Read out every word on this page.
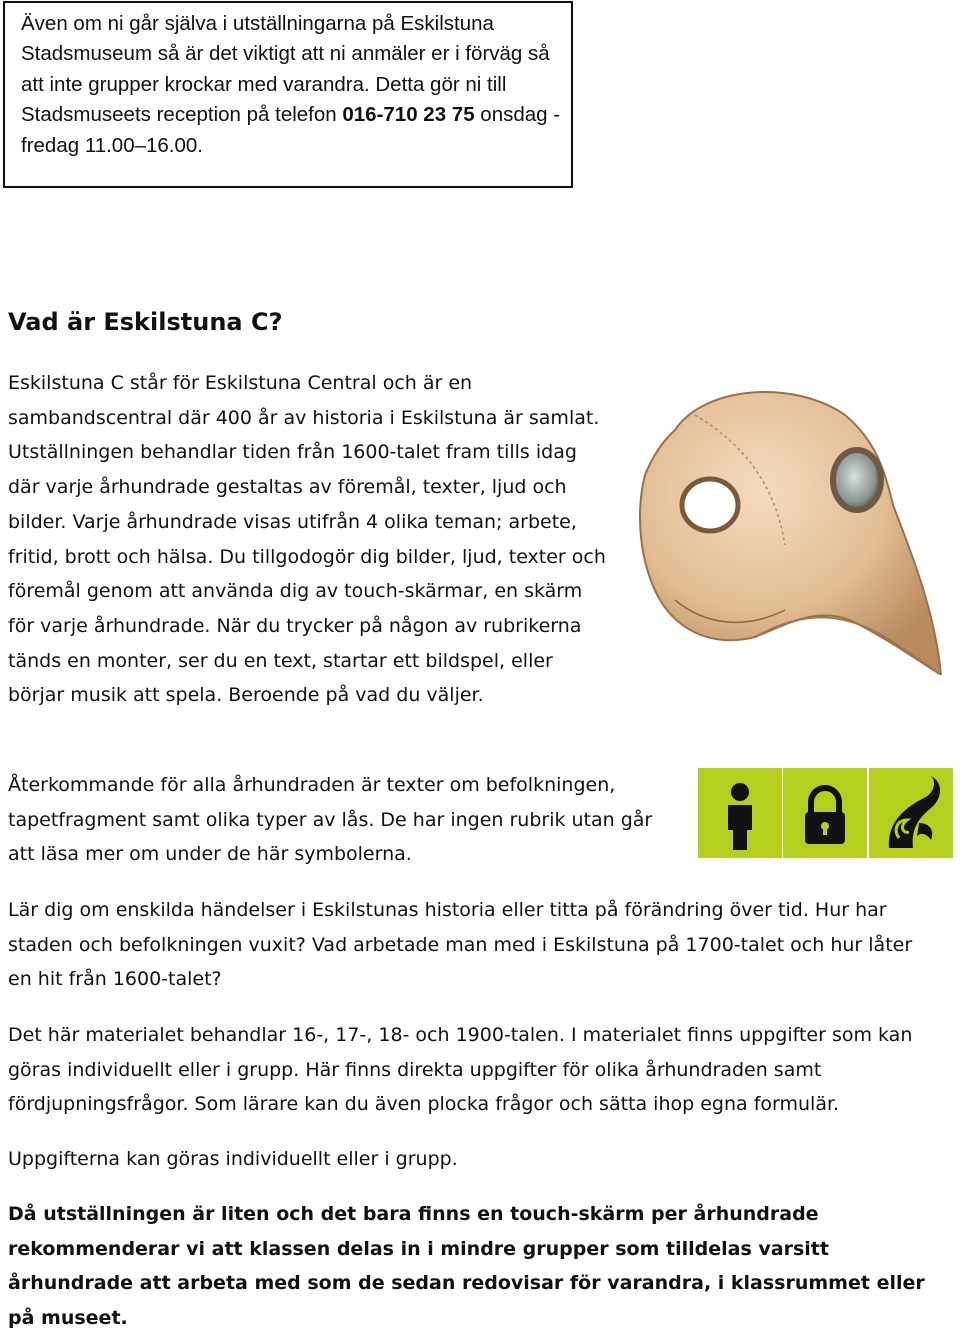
Även om ni går själva i utställningarna på Eskilstuna Stadsmuseum så är det viktigt att ni anmäler er i förväg så att inte grupper krockar med varandra. Detta gör ni till Stadsmuseets reception på telefon 016-710 23 75 onsdag - fredag 11.00–16.00.
Vad är Eskilstuna C?

Eskilstuna C står för Eskilstuna Central och är en sambandscentral där 400 år av historia i Eskilstuna är samlat. Utställningen behandlar tiden från 1600-talet fram tills idag där varje århundrade gestaltas av föremål, texter, ljud och bilder. Varje århundrade visas utifrån 4 olika teman; arbete, fritid, brott och hälsa. Du tillgodogör dig bilder, ljud, texter och föremål genom att använda dig av touch-skärmar, en skärm för varje århundrade. När du trycker på någon av rubrikerna tänds en monter, ser du en text, startar ett bildspel, eller börjar musik att spela. Beroende på vad du väljer.

Återkommande för alla århundraden är texter om befolkningen, tapetfragment samt olika typer av lås. De har ingen rubrik utan går att läsa mer om under de här symbolerna.

Lär dig om enskilda händelser i Eskilstunas historia eller titta på förändring över tid. Hur har staden och befolkningen vuxit? Vad arbetade man med i Eskilstuna på 1700-talet och hur låter en hit från 1600-talet?

Det här materialet behandlar 16-, 17-, 18- och 1900-talen. I materialet finns uppgifter som kan göras individuellt eller i grupp. Här finns direkta uppgifter för olika århundraden samt fördjupningsfrågor. Som lärare kan du även plocka frågor och sätta ihop egna formulär.

Uppgifterna kan göras individuellt eller i grupp.

Då utställningen är liten och det bara finns en touch-skärm per århundrade rekommenderar vi att klassen delas in i mindre grupper som tilldelas varsitt århundrade att arbeta med som de sedan redovisar för varandra, i klassrummet eller på museet.
